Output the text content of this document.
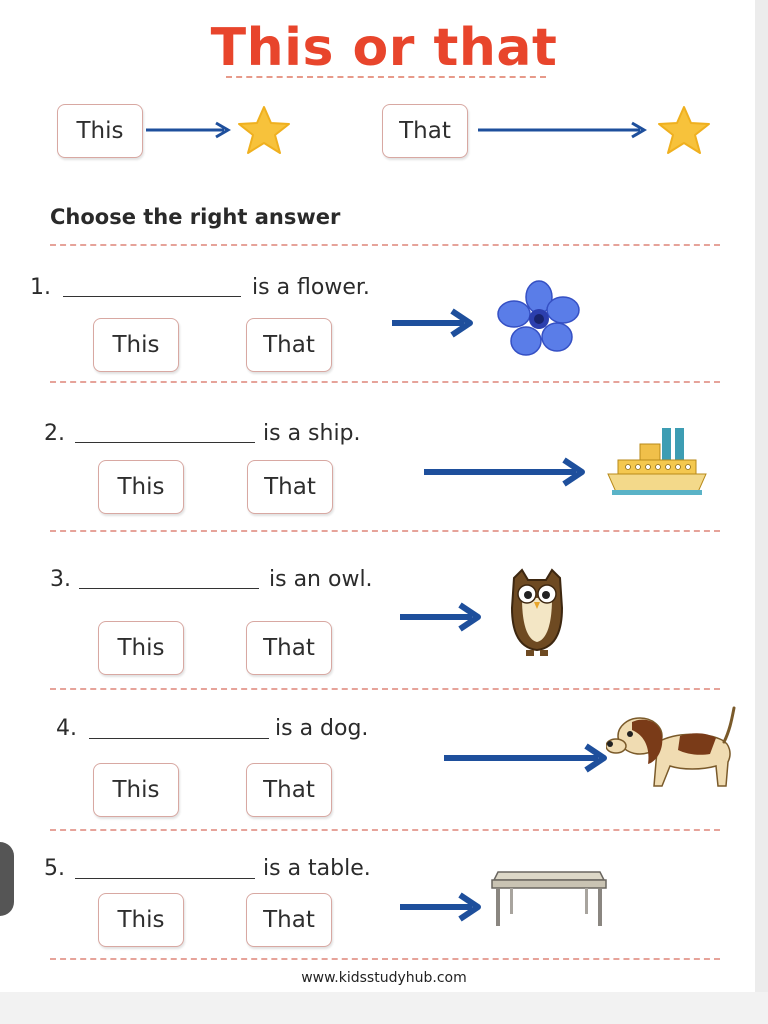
This or that
This	That
Choose the right answer
1.	is a flower.
This	That
2.	is a ship.
This	That
3.	is an owl.
This	That
4.	is a dog.
This	That
5.	is a table.
This	That
www.kidsstudyhub.com
